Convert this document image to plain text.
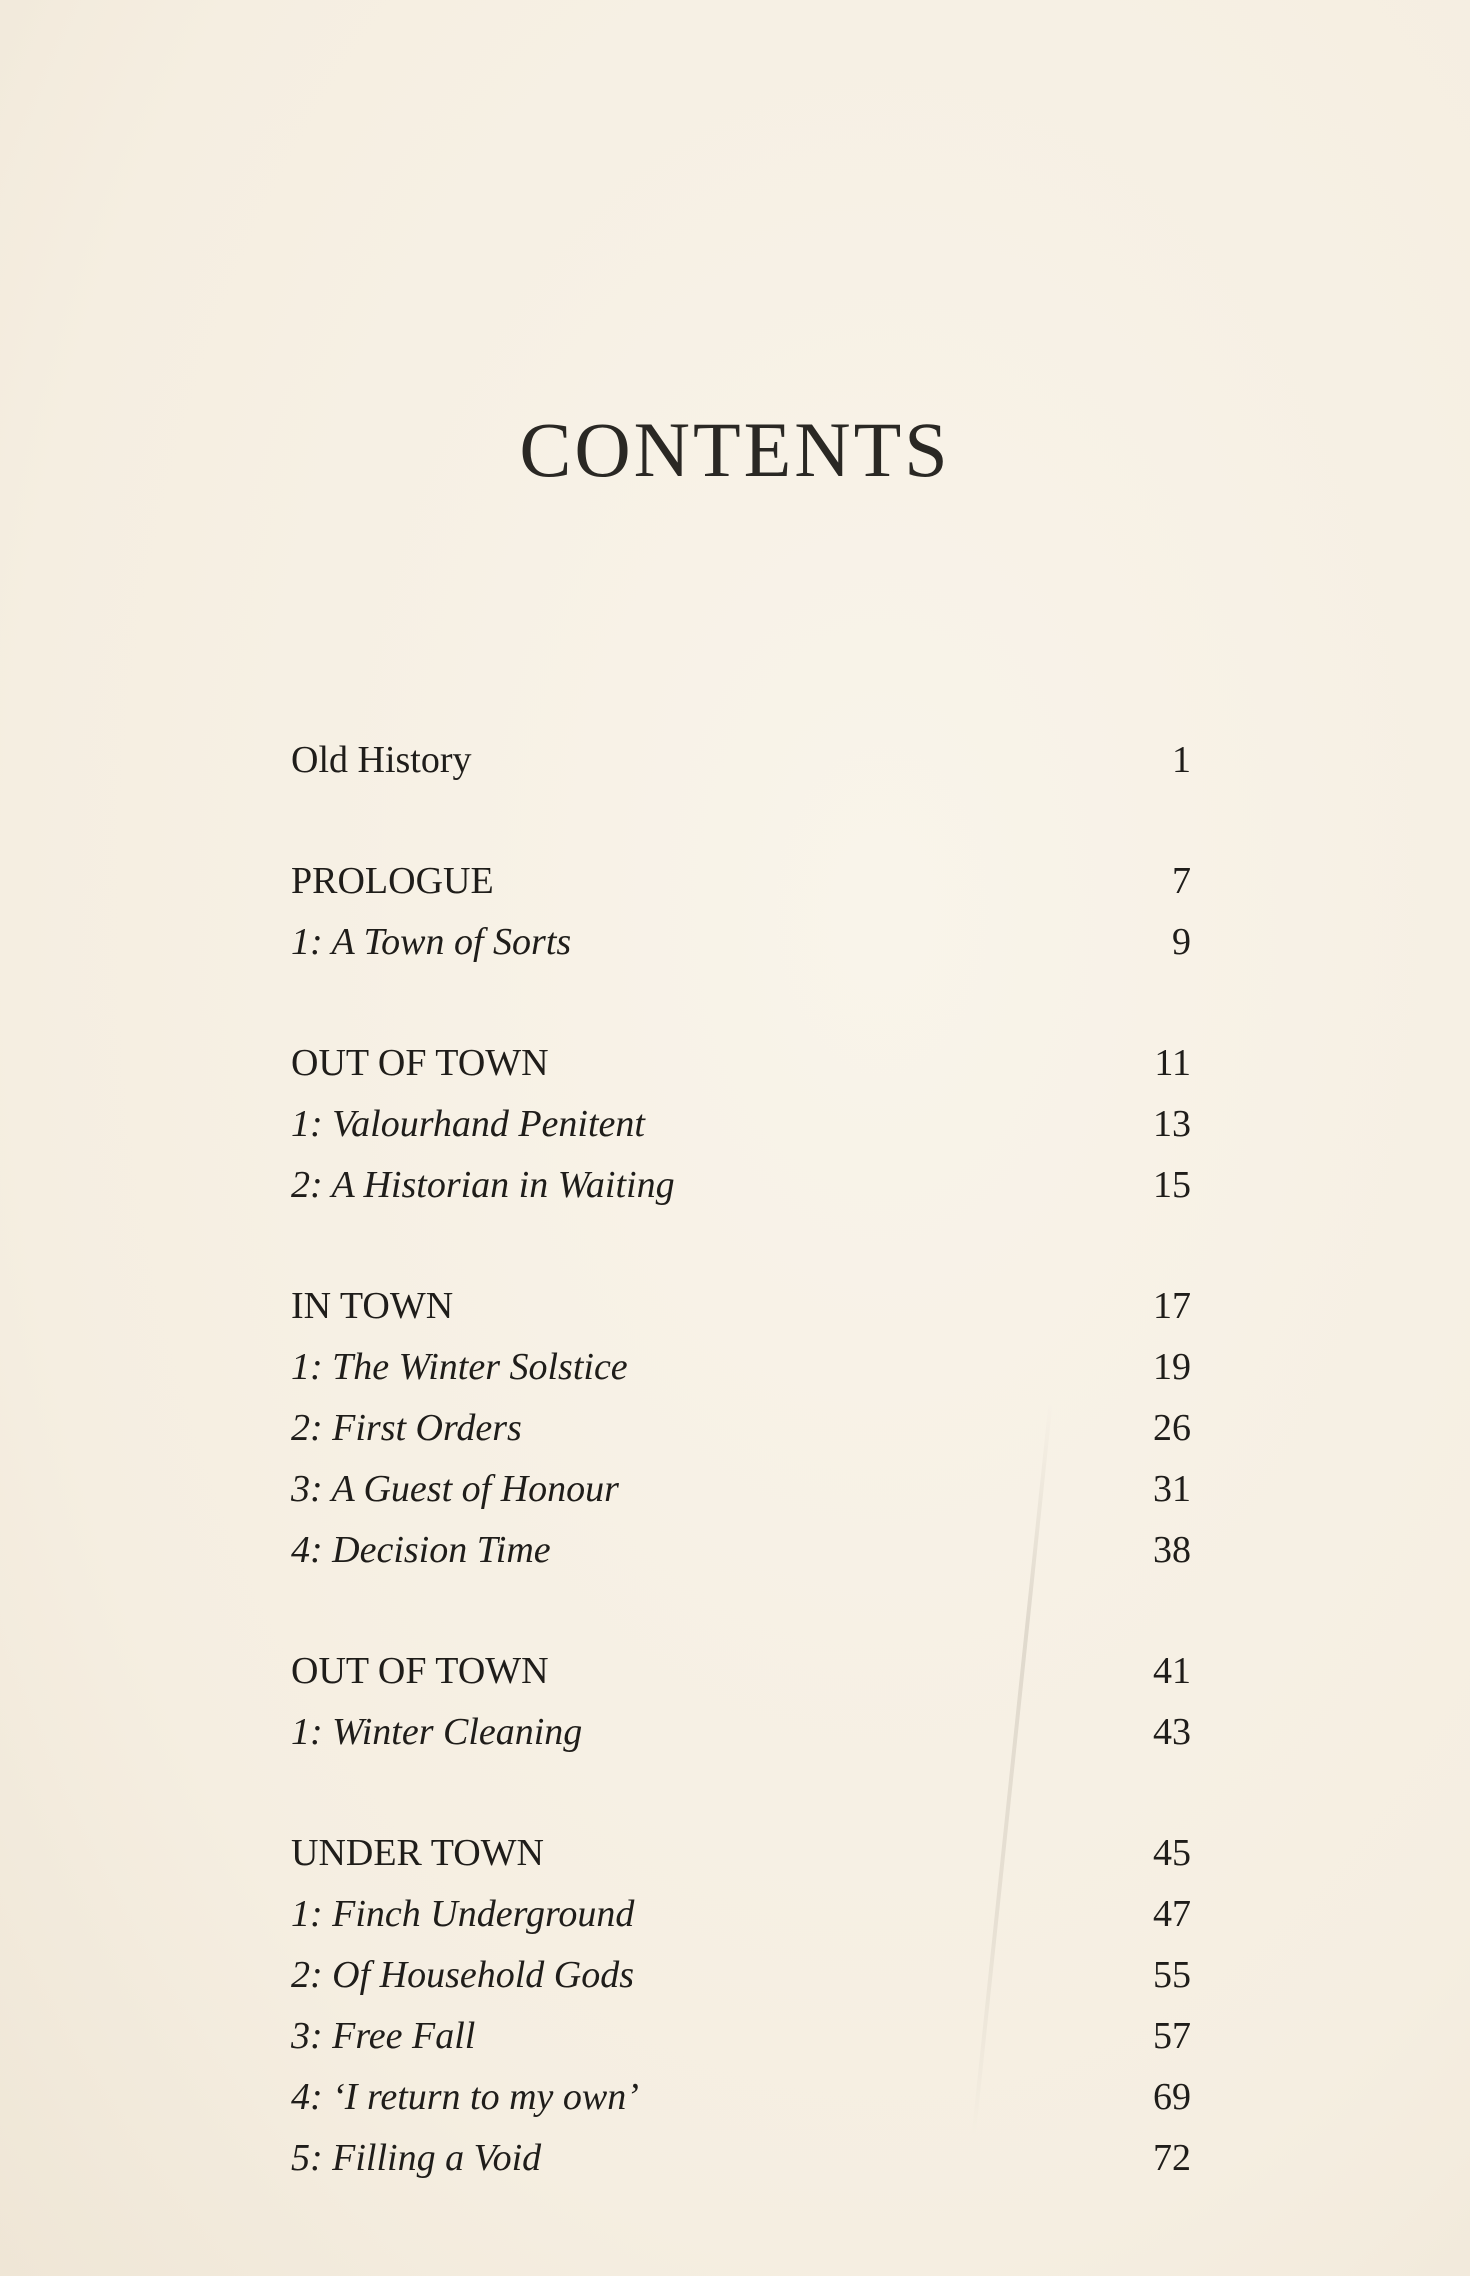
CONTENTS
Old History	1
PROLOGUE	7
1: A Town of Sorts	9
OUT OF TOWN	11
1: Valourhand Penitent	13
2: A Historian in Waiting	15
IN TOWN	17
1: The Winter Solstice	19
2: First Orders	26
3: A Guest of Honour	31
4: Decision Time	38
OUT OF TOWN	41
1: Winter Cleaning	43
UNDER TOWN	45
1: Finch Underground	47
2: Of Household Gods	55
3: Free Fall	57
4: ‘I return to my own’	69
5: Filling a Void	72
